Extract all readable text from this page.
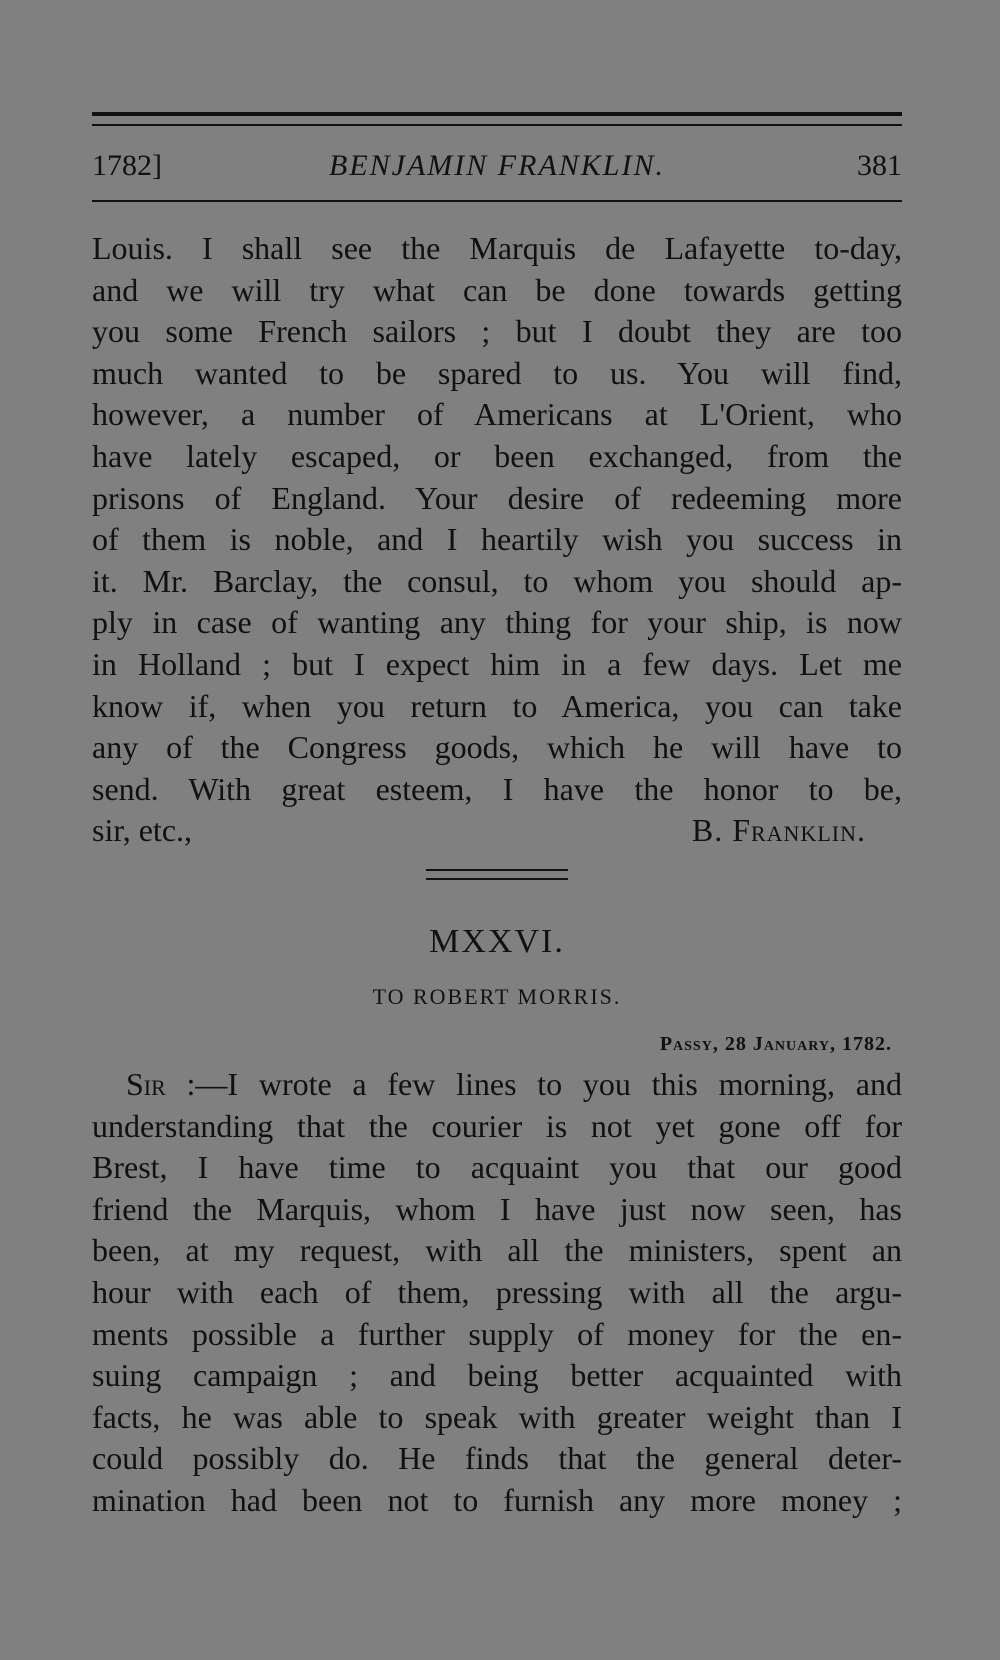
1782]	BENJAMIN FRANKLIN.	381
Louis. I shall see the Marquis de Lafayette to-day,
and we will try what can be done towards getting
you some French sailors ; but I doubt they are too
much wanted to be spared to us. You will find,
however, a number of Americans at L'Orient, who
have lately escaped, or been exchanged, from the
prisons of England. Your desire of redeeming more
of them is noble, and I heartily wish you success in
it. Mr. Barclay, the consul, to whom you should ap-
ply in case of wanting any thing for your ship, is now
in Holland ; but I expect him in a few days. Let me
know if, when you return to America, you can take
any of the Congress goods, which he will have to
send. With great esteem, I have the honor to be,
sir, etc.,	B. Franklin.
MXXVI.
TO ROBERT MORRIS.
Passy, 28 January, 1782.
Sir :—I wrote a few lines to you this morning, and
understanding that the courier is not yet gone off for
Brest, I have time to acquaint you that our good
friend the Marquis, whom I have just now seen, has
been, at my request, with all the ministers, spent an
hour with each of them, pressing with all the argu-
ments possible a further supply of money for the en-
suing campaign ; and being better acquainted with
facts, he was able to speak with greater weight than I
could possibly do. He finds that the general deter-
mination had been not to furnish any more money ;
